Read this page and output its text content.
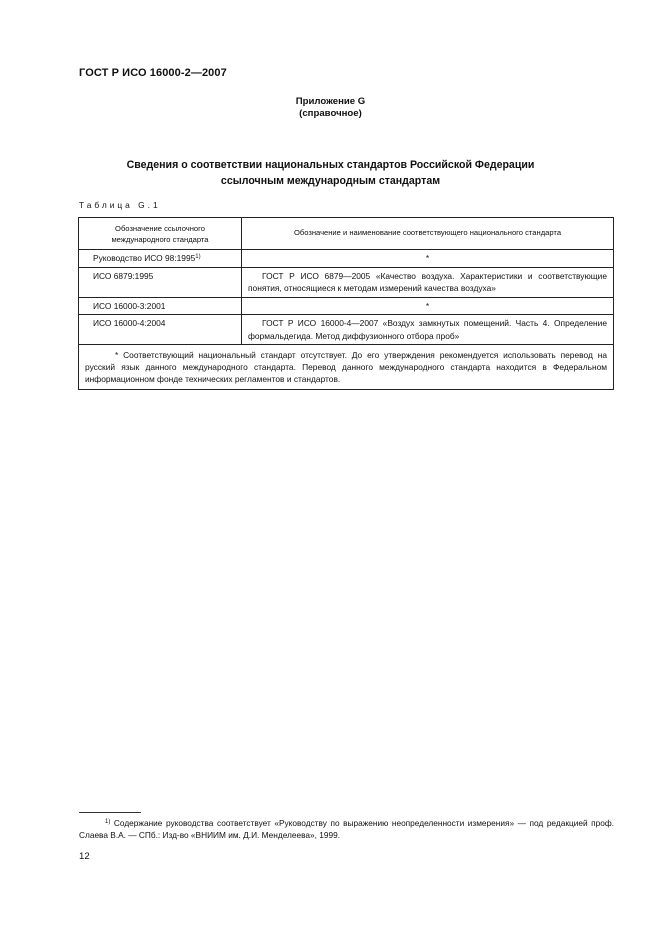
ГОСТ Р ИСО 16000-2—2007
Приложение G
(справочное)
Сведения о соответствии национальных стандартов Российской Федерации
ссылочным международным стандартам
Таблица G.1
Обозначение ссылочного международного стандарта	Обозначение и наименование соответствующего национального стандарта
Руководство ИСО 98:1995$^{1)}$	*
ИСО 6879:1995	ГОСТ Р ИСО 6879—2005 «Качество воздуха. Характеристики и соответствующие понятия, относящиеся к методам измерений качества воздуха»
ИСО 16000-3:2001	*
ИСО 16000-4:2004	ГОСТ Р ИСО 16000-4—2007 «Воздух замкнутых помещений. Часть 4. Определение формальдегида. Метод диффузионного отбора проб»
* Соответствующий национальный стандарт отсутствует. До его утверждения рекомендуется использовать перевод на русский язык данного международного стандарта. Перевод данного международного стандарта находится в Федеральном информационном фонде технических регламентов и стандартов.	
$^{1)}$ Содержание руководства соответствует «Руководству по выражению неопределенности измерения» — под редакцией проф. Слаева В.А. — СПб.: Изд-во «ВНИИМ им. Д.И. Менделеева», 1999.
12
